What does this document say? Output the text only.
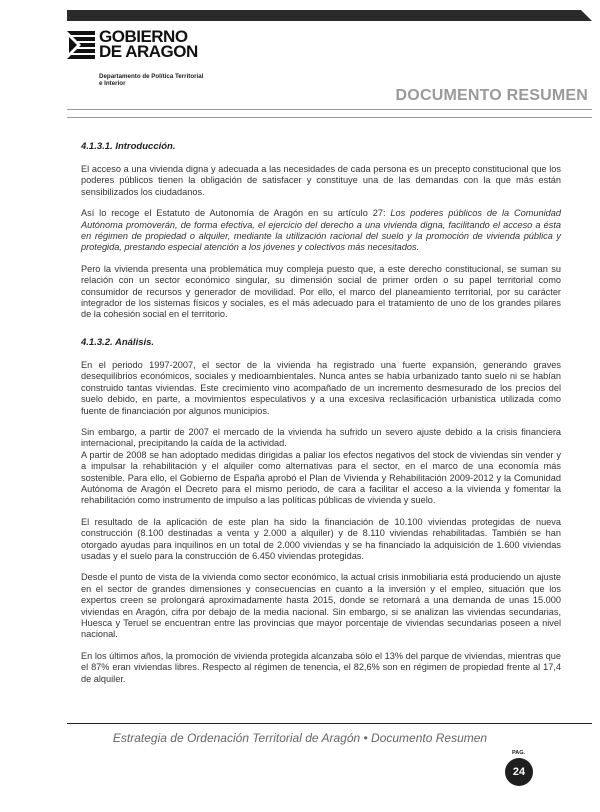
GOBIERNO
DE ARAGON
Departamento de Política Territorial
e Interior
DOCUMENTO RESUMEN
4.1.3.1. Introducción.

El acceso a una vivienda digna y adecuada a las necesidades de cada persona es un precepto constitucional que los poderes públicos tienen la obligación de satisfacer y constituye una de las demandas con la que más están sensibilizados los ciudadanos.

Así lo recoge el Estatuto de Autonomía de Aragón en su artículo 27: Los poderes públicos de la Comunidad Autónoma promoverán, de forma efectiva, el ejercicio del derecho a una vivienda digna, facilitando el acceso a ésta en régimen de propiedad o alquiler, mediante la utilización racional del suelo y la promoción de vivienda pública y protegida, prestando especial atención a los jóvenes y colectivos más necesitados.

Pero la vivienda presenta una problemática muy compleja puesto que, a este derecho constitucional, se suman su relación con un sector económico singular, su dimensión social de primer orden o su papel territorial como consumidor de recursos y generador de movilidad. Por ello, el marco del planeamiento territorial, por su carácter integrador de los sistemas físicos y sociales, es el más adecuado para el tratamiento de uno de los grandes pilares de la cohesión social en el territorio.

4.1.3.2. Análisis.

En el periodo 1997-2007, el sector de la vivienda ha registrado una fuerte expansión, generando graves desequilibrios económicos, sociales y medioambientales. Nunca antes se había urbanizado tanto suelo ni se habían construido tantas viviendas. Este crecimiento vino acompañado de un incremento desmesurado de los precios del suelo debido, en parte, a movimientos especulativos y a una excesiva reclasificación urbanistica utilizada como fuente de financiación por algunos municipios.

Sin embargo, a partir de 2007 el mercado de la vivienda ha sufrido un severo ajuste debido a la crisis financiera internacional, precipitando la caída de la actividad.

A partir de 2008 se han adoptado medidas dirigidas a paliar los efectos negativos del stock de viviendas sin vender y a impulsar la rehabilitación y el alquiler como alternativas para el sector, en el marco de una economía más sostenible. Para ello, el Gobierno de España aprobó el Plan de Vivienda y Rehabilitación 2009-2012 y la Comunidad Autónoma de Aragón el Decreto para el mismo periodo, de cara a facilitar el acceso a la vivienda y fomentar la rehabilitación como instrumento de impulso a las políticas públicas de vivienda y suelo.

El resultado de la aplicación de este plan ha sido la financiación de 10.100 viviendas protegidas de nueva construcción (8.100 destinadas a venta y 2.000 a alquiler) y de 8.110 viviendas rehabilitadas. También se han otorgado ayudas para inquilinos en un total de 2.000 viviendas y se ha financiado la adquisición de 1.600 viviendas usadas y el suelo para la construcción de 6.450 viviendas protegidas.

Desde el punto de vista de la vivienda como sector económico, la actual crisis inmobiliaria está produciendo un ajuste en el sector de grandes dimensiones y consecuencias en cuanto a la inversión y el empleo, situación que los expertos creen se prolongará aproximadamente hasta 2015, donde se retornará a una demanda de unas 15.000 viviendas en Aragón, cifra por debajo de la media nacional. Sin embargo, si se analizan las viviendas secundarias, Huesca y Teruel se encuentran entre las provincias que mayor porcentaje de viviendas secundarias poseen a nivel nacional.

En los últimos años, la promoción de vivienda protegida alcanzaba sólo el 13% del parque de viviendas, mientras que el 87% eran viviendas libres. Respecto al régimen de tenencia, el 82,6% son en régimen de propiedad frente al 17,4 de alquiler.

Estrategia de Ordenación Territorial de Aragón • Documento Resumen
PAG.
24
